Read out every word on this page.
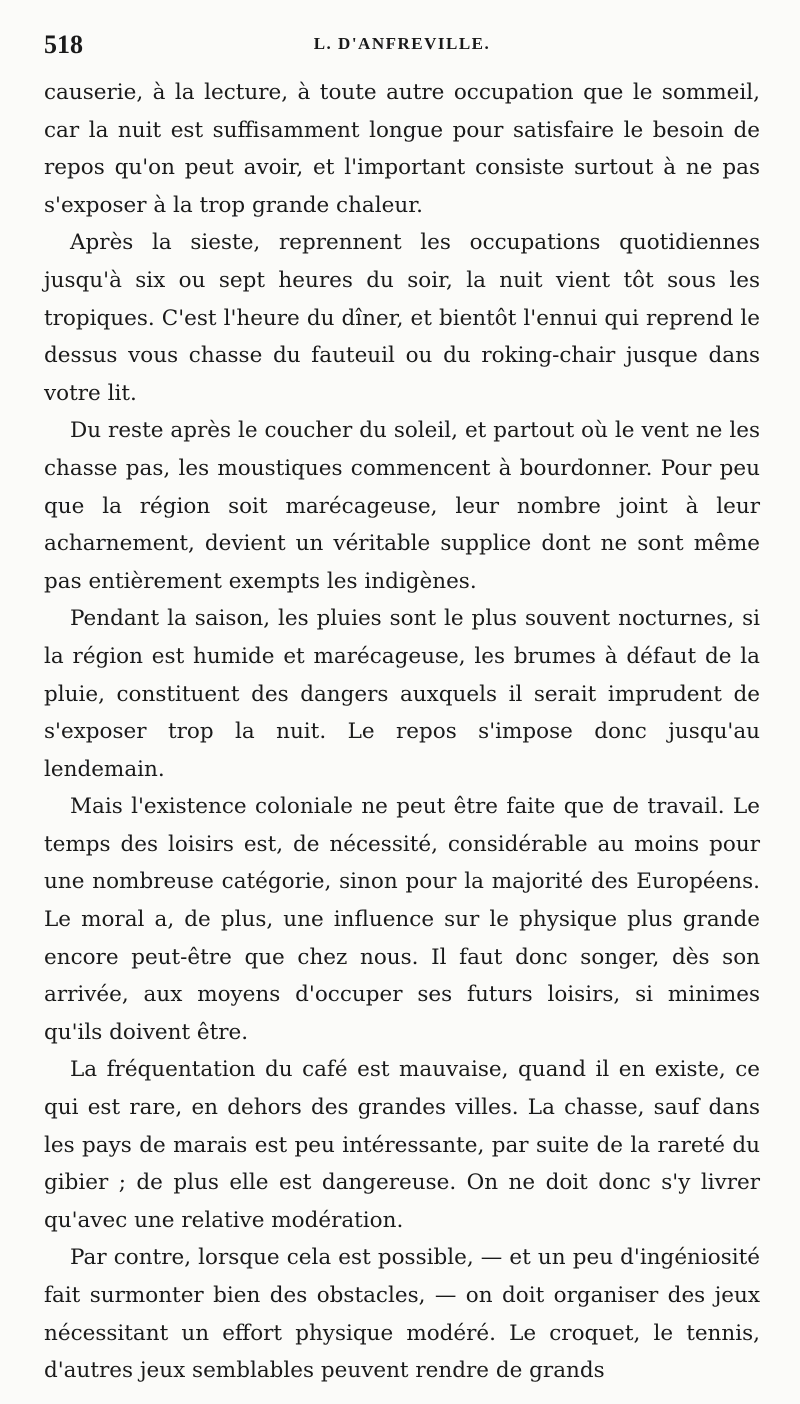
518	L. D'ANFREVILLE.

causerie, à la lecture, à toute autre occupation que le sommeil, car la nuit est suffisamment longue pour satisfaire le besoin de repos qu'on peut avoir, et l'important consiste surtout à ne pas s'exposer à la trop grande chaleur.

Après la sieste, reprennent les occupations quotidiennes jusqu'à six ou sept heures du soir, la nuit vient tôt sous les tropiques. C'est l'heure du dîner, et bientôt l'ennui qui reprend le dessus vous chasse du fauteuil ou du roking-chair jusque dans votre lit.

Du reste après le coucher du soleil, et partout où le vent ne les chasse pas, les moustiques commencent à bourdonner. Pour peu que la région soit marécageuse, leur nombre joint à leur acharnement, devient un véritable supplice dont ne sont même pas entièrement exempts les indigènes.

Pendant la saison, les pluies sont le plus souvent nocturnes, si la région est humide et marécageuse, les brumes à défaut de la pluie, constituent des dangers auxquels il serait imprudent de s'exposer trop la nuit. Le repos s'impose donc jusqu'au lendemain.

Mais l'existence coloniale ne peut être faite que de travail. Le temps des loisirs est, de nécessité, considérable au moins pour une nombreuse catégorie, sinon pour la majorité des Européens. Le moral a, de plus, une influence sur le physique plus grande encore peut-être que chez nous. Il faut donc songer, dès son arrivée, aux moyens d'occuper ses futurs loisirs, si minimes qu'ils doivent être.

La fréquentation du café est mauvaise, quand il en existe, ce qui est rare, en dehors des grandes villes. La chasse, sauf dans les pays de marais est peu intéressante, par suite de la rareté du gibier ; de plus elle est dangereuse. On ne doit donc s'y livrer qu'avec une relative modération.

Par contre, lorsque cela est possible, — et un peu d'ingéniosité fait surmonter bien des obstacles, — on doit organiser des jeux nécessitant un effort physique modéré. Le croquet, le tennis, d'autres jeux semblables peuvent rendre de grands
